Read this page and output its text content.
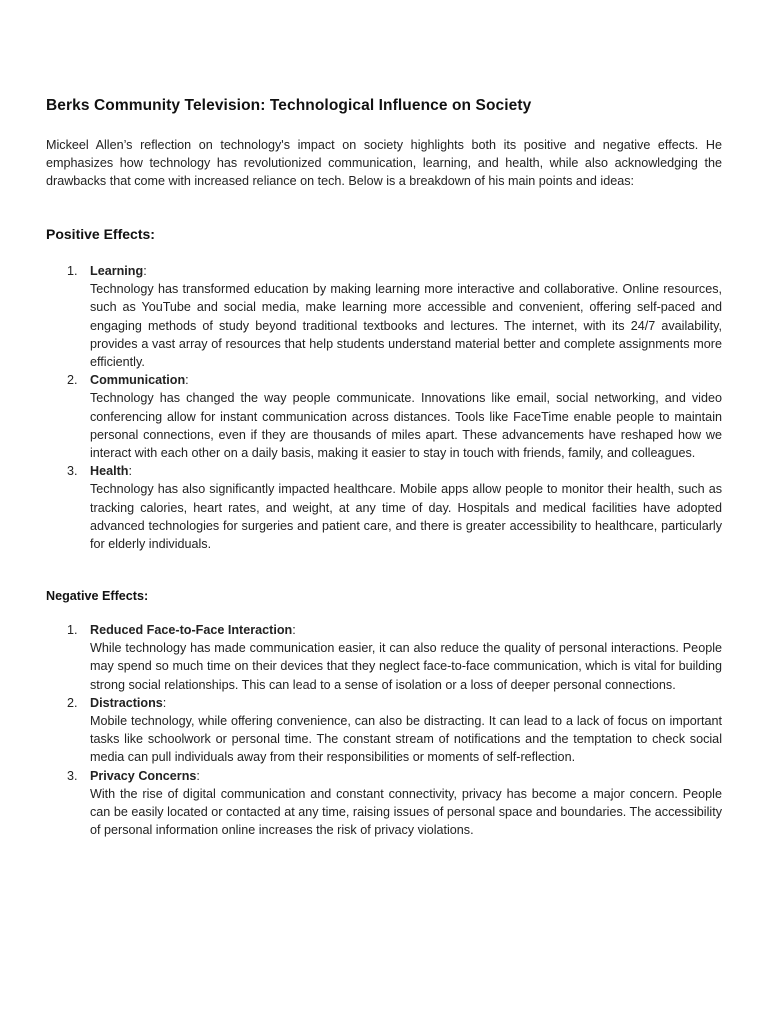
Berks Community Television: Technological Influence on Society

Mickeel Allen’s reflection on technology's impact on society highlights both its positive and negative effects. He emphasizes how technology has revolutionized communication, learning, and health, while also acknowledging the drawbacks that come with increased reliance on tech. Below is a breakdown of his main points and ideas:

Positive Effects:
1. Learning:
Technology has transformed education by making learning more interactive and collaborative. Online resources, such as YouTube and social media, make learning more accessible and convenient, offering self-paced and engaging methods of study beyond traditional textbooks and lectures. The internet, with its 24/7 availability, provides a vast array of resources that help students understand material better and complete assignments more efficiently.
2. Communication:
Technology has changed the way people communicate. Innovations like email, social networking, and video conferencing allow for instant communication across distances. Tools like FaceTime enable people to maintain personal connections, even if they are thousands of miles apart. These advancements have reshaped how we interact with each other on a daily basis, making it easier to stay in touch with friends, family, and colleagues.
3. Health:
Technology has also significantly impacted healthcare. Mobile apps allow people to monitor their health, such as tracking calories, heart rates, and weight, at any time of day. Hospitals and medical facilities have adopted advanced technologies for surgeries and patient care, and there is greater accessibility to healthcare, particularly for elderly individuals.
Negative Effects:
1. Reduced Face-to-Face Interaction:
While technology has made communication easier, it can also reduce the quality of personal interactions. People may spend so much time on their devices that they neglect face-to-face communication, which is vital for building strong social relationships. This can lead to a sense of isolation or a loss of deeper personal connections.
2. Distractions:
Mobile technology, while offering convenience, can also be distracting. It can lead to a lack of focus on important tasks like schoolwork or personal time. The constant stream of notifications and the temptation to check social media can pull individuals away from their responsibilities or moments of self-reflection.
3. Privacy Concerns:
With the rise of digital communication and constant connectivity, privacy has become a major concern. People can be easily located or contacted at any time, raising issues of personal space and boundaries. The accessibility of personal information online increases the risk of privacy violations.
